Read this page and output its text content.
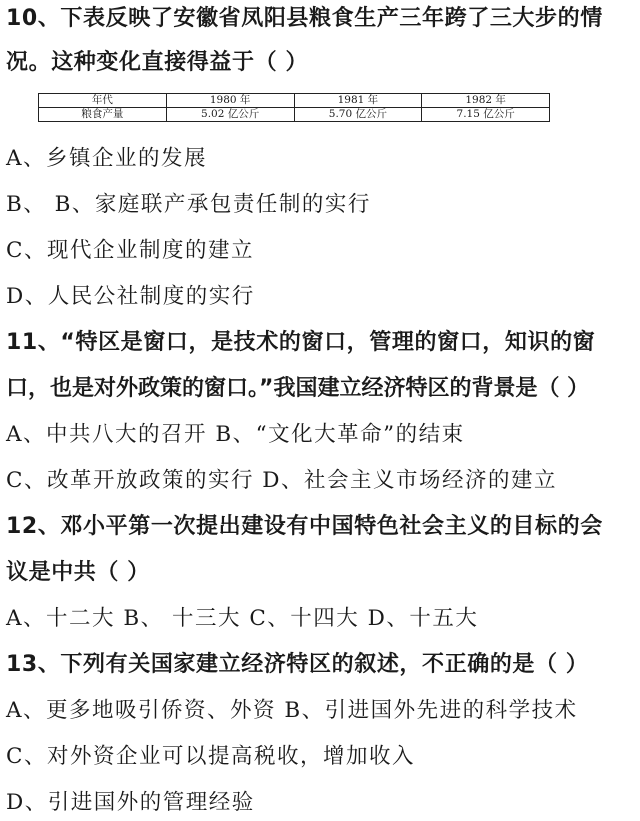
10、下表反映了安徽省凤阳县粮食生产三年跨了三大步的情
况。这种变化直接得益于（ ）
年代	1980 年	1981 年	1982 年
粮食产量	5.02 亿公斤	5.70 亿公斤	7.15 亿公斤
A、乡镇企业的发展
B、 B、家庭联产承包责任制的实行
C、现代企业制度的建立
D、人民公社制度的实行
11、“特区是窗口，是技术的窗口，管理的窗口，知识的窗
口，也是对外政策的窗口。”我国建立经济特区的背景是（ ）
A、中共八大的召开 B、“文化大革命”的结束
C、改革开放政策的实行 D、社会主义市场经济的建立
12、邓小平第一次提出建设有中国特色社会主义的目标的会
议是中共（ ）
A、十二大 B、 十三大 C、十四大 D、十五大
13、下列有关国家建立经济特区的叙述，不正确的是（ ）
A、更多地吸引侨资、外资 B、引进国外先进的科学技术
C、对外资企业可以提高税收，增加收入
D、引进国外的管理经验
